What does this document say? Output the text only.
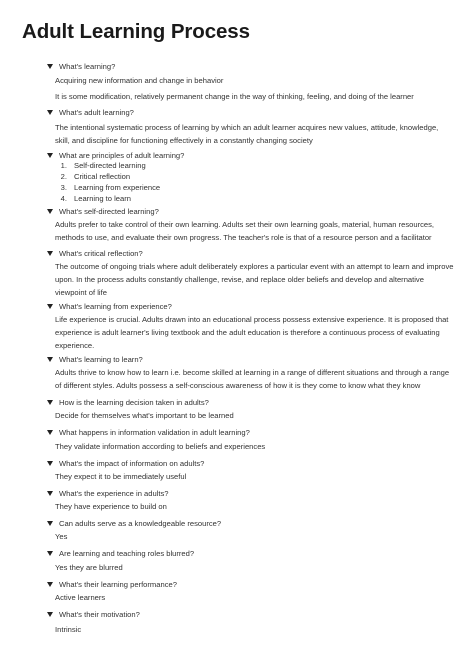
Adult Learning Process
What's learning?
Acquiring new information and change in behavior
It is some modification, relatively permanent change in the way of thinking, feeling, and doing of the learner
What's adult learning?
The intentional systematic process of learning by which an adult learner acquires new values, attitude, knowledge, skill, and discipline for functioning effectively in a constantly changing society
What are principles of adult learning?
1. Self-directed learning
2. Critical reflection
3. Learning from experience
4. Learning to learn
What's self-directed learning?
Adults prefer to take control of their own learning. Adults set their own learning goals, material, human resources, methods to use, and evaluate their own progress. The teacher's role is that of a resource person and a facilitator
What's critical reflection?
The outcome of ongoing trials where adult deliberately explores a particular event with an attempt to learn and improve upon. In the process adults constantly challenge, revise, and replace older beliefs and develop and alternative viewpoint of life
What's learning from experience?
Life experience is crucial. Adults drawn into an educational process possess extensive experience. It is proposed that experience is adult learner's living textbook and the adult education is therefore a continuous process of evaluating experience.
What's learning to learn?
Adults thrive to know how to learn i.e. become skilled at learning in a range of different situations and through a range of different styles. Adults possess a self-conscious awareness of how it is they come to know what they know
How is the learning decision taken in adults?
Decide for themselves what's important to be learned
What happens in information validation in adult learning?
They validate information according to beliefs and experiences
What's the impact of information on adults?
They expect it to be immediately useful
What's the experience in adults?
They have experience to build on
Can adults serve as a knowledgeable resource?
Yes
Are learning and teaching roles blurred?
Yes they are blurred
What's their learning performance?
Active learners
What's their motivation?
Intrinsic
